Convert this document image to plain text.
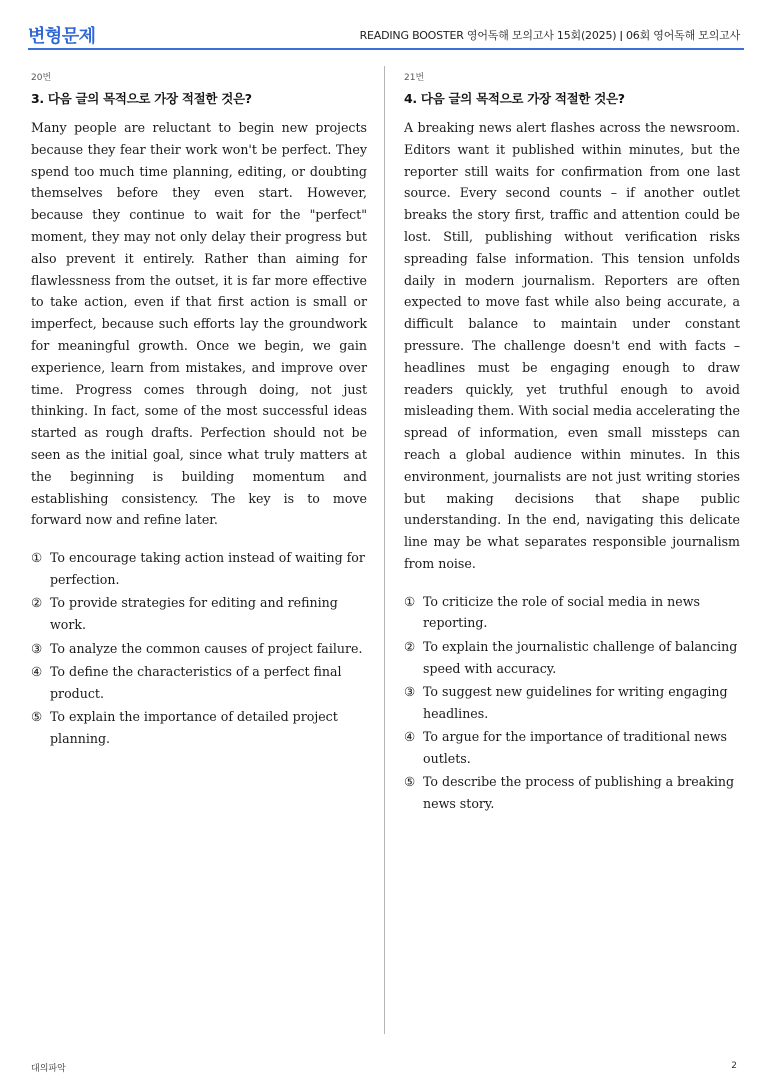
변형문제	READING BOOSTER 영어독해 모의고사 15회(2025) ǀ 06회 영어독해 모의고사
20번
3. 다음 글의 목적으로 가장 적절한 것은?

Many people are reluctant to begin new projects because they fear their work won't be perfect. They spend too much time planning, editing, or doubting themselves before they even start. However, because they continue to wait for the "perfect" moment, they may not only delay their progress but also prevent it entirely. Rather than aiming for flawlessness from the outset, it is far more effective to take action, even if that first action is small or imperfect, because such efforts lay the groundwork for meaningful growth. Once we begin, we gain experience, learn from mistakes, and improve over time. Progress comes through doing, not just thinking. In fact, some of the most successful ideas started as rough drafts. Perfection should not be seen as the initial goal, since what truly matters at the beginning is building momentum and establishing consistency. The key is to move forward now and refine later.

① To encourage taking action instead of waiting for perfection.
② To provide strategies for editing and refining work.
③ To analyze the common causes of project failure.
④ To define the characteristics of a perfect final product.
⑤ To explain the importance of detailed project planning.
21번
4. 다음 글의 목적으로 가장 적절한 것은?

A breaking news alert flashes across the newsroom. Editors want it published within minutes, but the reporter still waits for confirmation from one last source. Every second counts – if another outlet breaks the story first, traffic and attention could be lost. Still, publishing without verification risks spreading false information. This tension unfolds daily in modern journalism. Reporters are often expected to move fast while also being accurate, a difficult balance to maintain under constant pressure. The challenge doesn't end with facts – headlines must be engaging enough to draw readers quickly, yet truthful enough to avoid misleading them. With social media accelerating the spread of information, even small missteps can reach a global audience within minutes. In this environment, journalists are not just writing stories but making decisions that shape public understanding. In the end, navigating this delicate line may be what separates responsible journalism from noise.

① To criticize the role of social media in news reporting.
② To explain the journalistic challenge of balancing speed with accuracy.
③ To suggest new guidelines for writing engaging headlines.
④ To argue for the importance of traditional news outlets.
⑤ To describe the process of publishing a breaking news story.
대의파악	2
